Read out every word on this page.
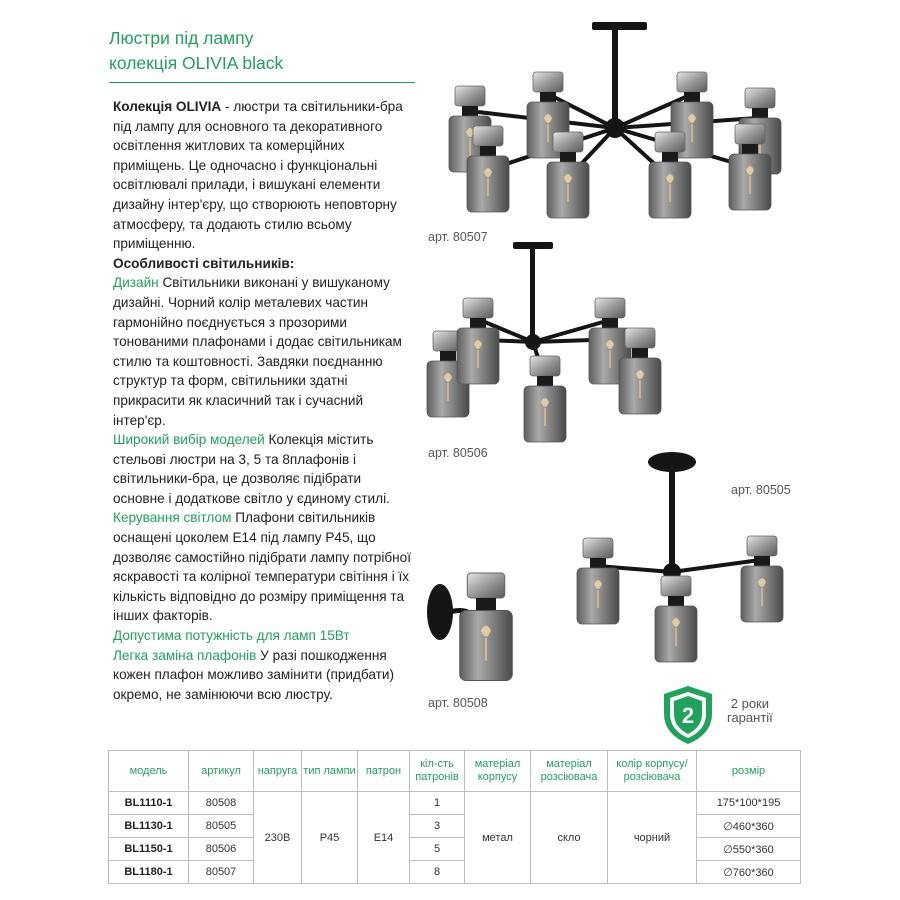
Люстри під лампу
колекція OLIVIA black

Колекція OLIVIA - люстри та світильники-бра під лампу для основного та декоративного освітлення житлових та комерційних приміщень. Це одночасно і функціональні освітлювалі прилади, і вишукані елементи дизайну інтер'єру, що створюють неповторну атмосферу, та додають стилю всьому приміщенню.

Особливості світильників:

Дизайн Світильники виконані у вишуканому дизайні. Чорний колір металевих частин гармонійно поєднується з прозорими тонованими плафонами і додає світильникам стилю та коштовності. Завдяки поєднанню структур та форм, світильники здатні прикрасити як класичний так і сучасний інтер'єр.

Широкий вибір моделей Колекція містить стельові люстри на 3, 5 та 8плафонів і світильники-бра, це дозволяє підібрати основне і додаткове світло у єдиному стилі.

Керування світлом Плафони світильників оснащені цоколем E14 під лампу P45, що дозволяє самостійно підібрати лампу потрібної яскравості та колірної температури світіння і їх кількість відповідно до розміру приміщення та інших факторів.

Допустима потужність для ламп 15Вт

Легка заміна плафонів У разі пошкодження кожен плафон можливо замінити (придбати) окремо, не замінюючи всю люстру.

арт. 80507
арт. 80506
арт. 80505
арт. 80508	2	2 роки
гарантії
модель	артикул	напруга	тип лампи	патрон	кіл-сть патронів	матеріал корпусу	матеріал розсіювача	колір корпусу/ розсіювача	розмір
BL1110-1	80508	230В	P45	E14	1	метал	скло	чорний	175*100*195
BL1130-1	80505				3				∅460*360
BL1150-1	80506				5				∅550*360
BL1180-1	80507				8				∅760*360
